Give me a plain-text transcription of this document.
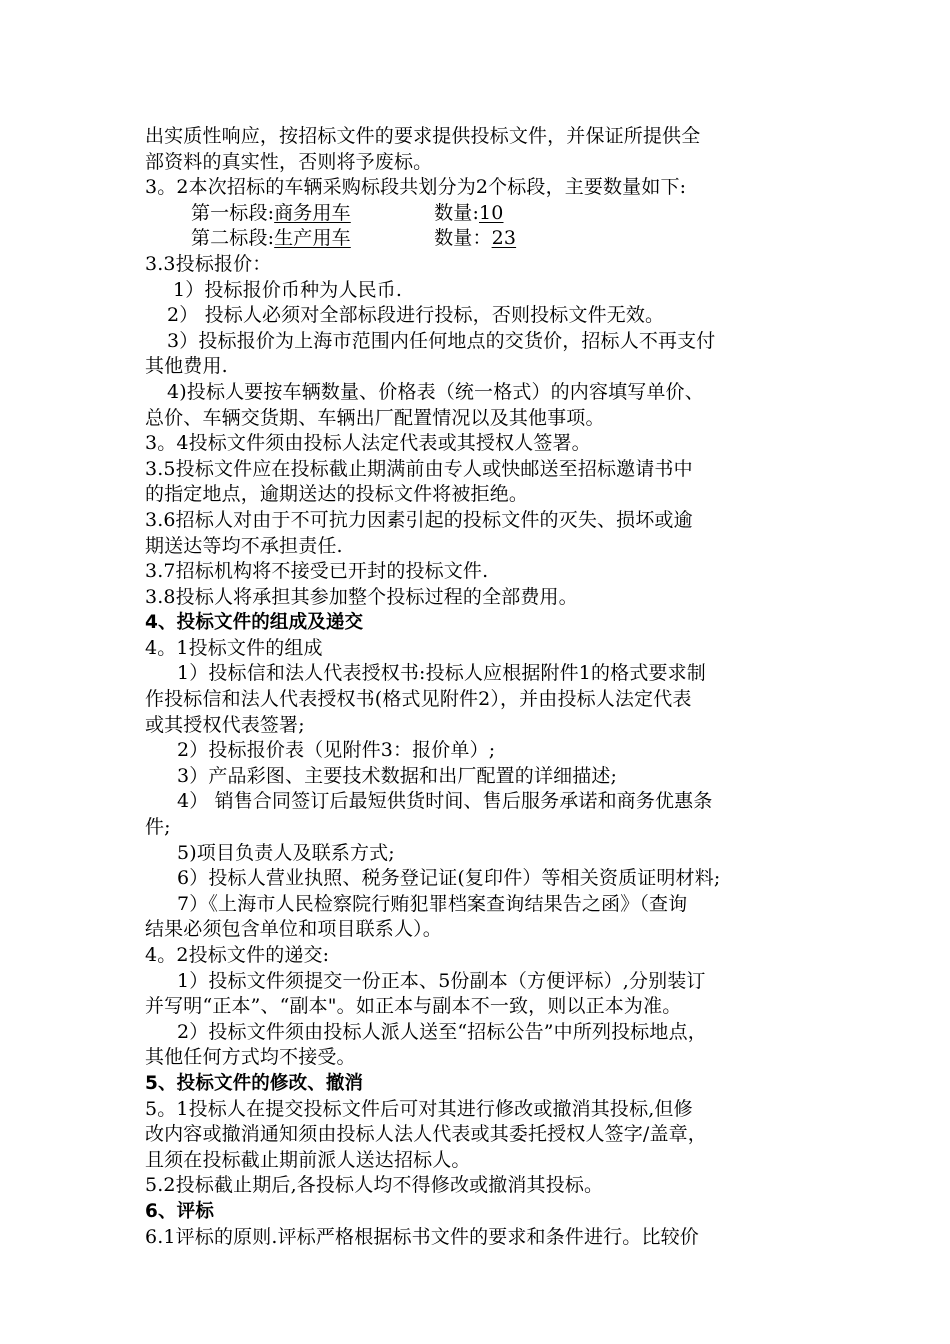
出实质性响应，按招标文件的要求提供投标文件，并保证所提供全
部资料的真实性，否则将予废标。
3。2本次招标的车辆采购标段共划分为2个标段，主要数量如下:
第一标段:商务用车	数量:10
第二标段:生产用车	数量：23
3.3投标报价：
1）投标报价币种为人民币.
2） 投标人必须对全部标段进行投标，否则投标文件无效。
3）投标报价为上海市范围内任何地点的交货价，招标人不再支付
其他费用.
4)投标人要按车辆数量、价格表（统一格式）的内容填写单价、
总价、车辆交货期、车辆出厂配置情况以及其他事项。
3。4投标文件须由投标人法定代表或其授权人签署。
3.5投标文件应在投标截止期满前由专人或快邮送至招标邀请书中
的指定地点，逾期送达的投标文件将被拒绝。
3.6招标人对由于不可抗力因素引起的投标文件的灭失、损坏或逾
期送达等均不承担责任.
3.7招标机构将不接受已开封的投标文件.
3.8投标人将承担其参加整个投标过程的全部费用。
4、投标文件的组成及递交
4。1投标文件的组成
1）投标信和法人代表授权书:投标人应根据附件1的格式要求制
作投标信和法人代表授权书(格式见附件2），并由投标人法定代表
或其授权代表签署;
2）投标报价表（见附件3：报价单）;
3）产品彩图、主要技术数据和出厂配置的详细描述;
4） 销售合同签订后最短供货时间、售后服务承诺和商务优惠条
件;
5)项目负责人及联系方式;
6）投标人营业执照、税务登记证(复印件）等相关资质证明材料;
7）《上海市人民检察院行贿犯罪档案查询结果告之函》（查询
结果必须包含单位和项目联系人）。
4。2投标文件的递交:
1）投标文件须提交一份正本、5份副本（方便评标）,分别装订
并写明“正本”、“副本"。如正本与副本不一致，则以正本为准。
2）投标文件须由投标人派人送至“招标公告”中所列投标地点，
其他任何方式均不接受。
5、投标文件的修改、撤消
5。1投标人在提交投标文件后可对其进行修改或撤消其投标,但修
改内容或撤消通知须由投标人法人代表或其委托授权人签字/盖章，
且须在投标截止期前派人送达招标人。
5.2投标截止期后,各投标人均不得修改或撤消其投标。
6、评标
6.1评标的原则.评标严格根据标书文件的要求和条件进行。比较价
